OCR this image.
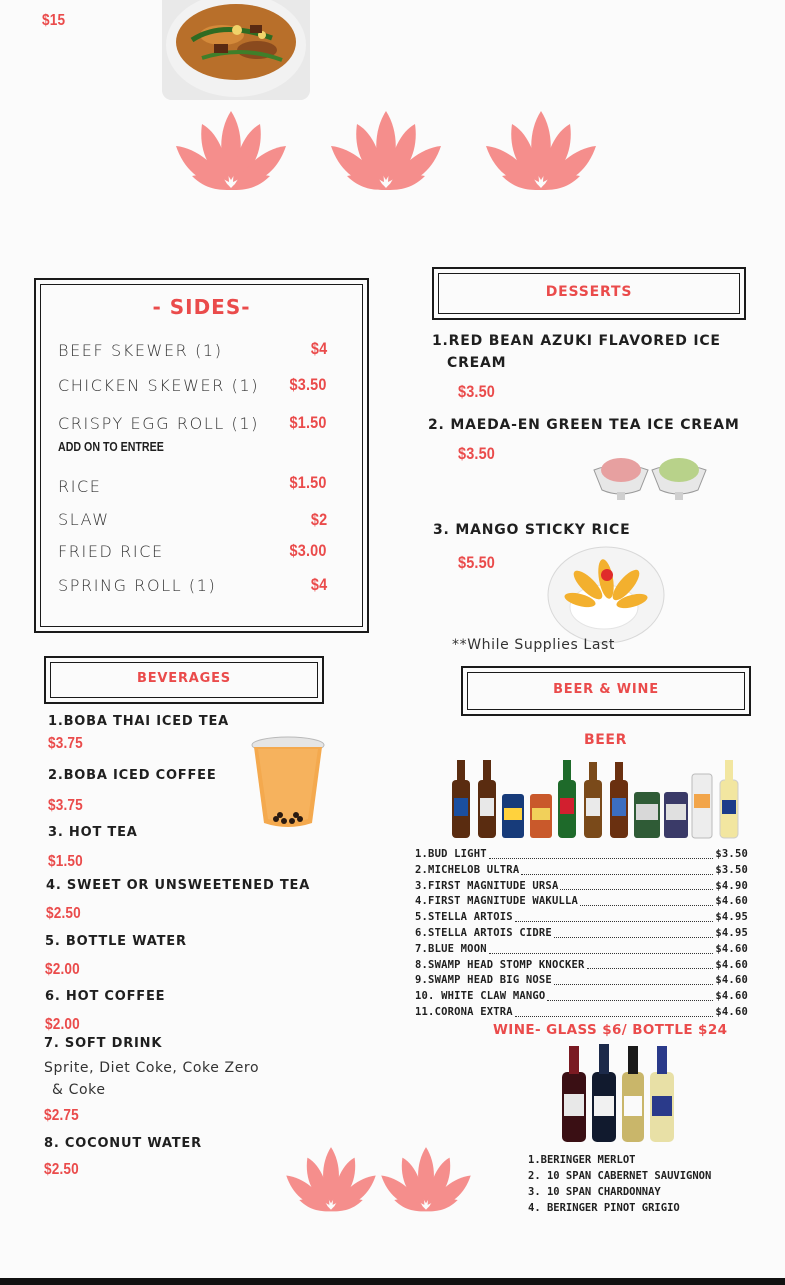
$15
- SIDES-
BEEF SKEWER (1)	$4
CHICKEN SKEWER (1) $3.50
CRISPY EGG ROLL (1) $1.50
ADD ON TO ENTREE
RICE	$1.50
SLAW	$2
FRIED RICE	$3.00
SPRING ROLL (1)	$4
DESSERTS
1.RED BEAN AZUKI FLAVORED ICE
CREAM
$3.50
2. MAEDA-EN GREEN TEA ICE CREAM
$3.50
3. MANGO STICKY RICE
$5.50
**While Supplies Last
BEVERAGES
1.BOBA THAI ICED TEA
$3.75
2.BOBA ICED COFFEE
$3.75
3. HOT TEA
$1.50
4. SWEET OR UNSWEETENED TEA
$2.50
5. BOTTLE WATER
$2.00
6. HOT COFFEE
$2.00
7. SOFT DRINK
Sprite, Diet Coke, Coke Zero
& Coke
$2.75
8. COCONUT WATER
$2.50
BEER & WINE
BEER
1.BUD LIGHT	$3.50
2.MICHELOB ULTRA	$3.50
3.FIRST MAGNITUDE URSA	$4.90
4.FIRST MAGNITUDE WAKULLA	$4.60
5.STELLA ARTOIS	$4.95
6.STELLA ARTOIS CIDRE	$4.95
7.BLUE MOON	$4.60
8.SWAMP HEAD STOMP KNOCKER	$4.60
9.SWAMP HEAD BIG NOSE	$4.60
10. WHITE CLAW MANGO	$4.60
11.CORONA EXTRA	$4.60
WINE- GLASS $6/ BOTTLE $24
1.BERINGER MERLOT
2. 10 SPAN CABERNET SAUVIGNON
3. 10 SPAN CHARDONNAY
4. BERINGER PINOT GRIGIO
